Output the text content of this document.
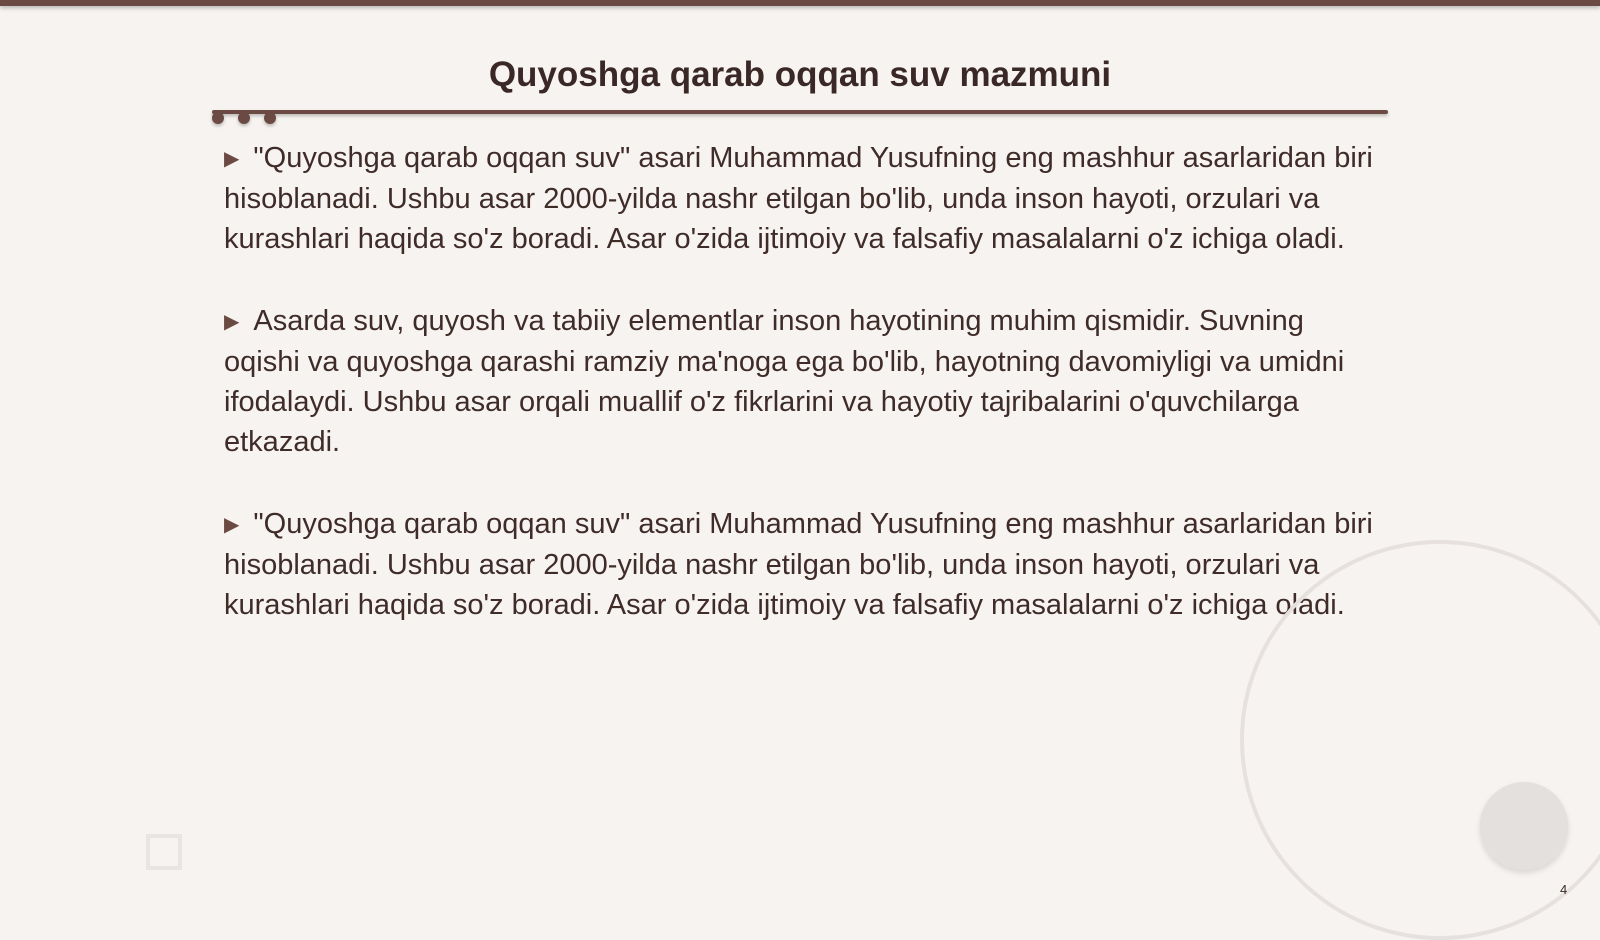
Quyoshga qarab oqqan suv mazmuni

▶ "Quyoshga qarab oqqan suv" asari Muhammad Yusufning eng mashhur asarlaridan biri hisoblanadi. Ushbu asar 2000-yilda nashr etilgan bo'lib, unda inson hayoti, orzulari va kurashlari haqida so'z boradi. Asar o'zida ijtimoiy va falsafiy masalalarni o'z ichiga oladi.

▶ Asarda suv, quyosh va tabiiy elementlar inson hayotining muhim qismidir. Suvning oqishi va quyoshga qarashi ramziy ma'noga ega bo'lib, hayotning davomiyligi va umidni ifodalaydi. Ushbu asar orqali muallif o'z fikrlarini va hayotiy tajribalarini o'quvchilarga etkazadi.

▶ "Quyoshga qarab oqqan suv" asari Muhammad Yusufning eng mashhur asarlaridan biri hisoblanadi. Ushbu asar 2000-yilda nashr etilgan bo'lib, unda inson hayoti, orzulari va kurashlari haqida so'z boradi. Asar o'zida ijtimoiy va falsafiy masalalarni o'z ichiga oladi.

4
